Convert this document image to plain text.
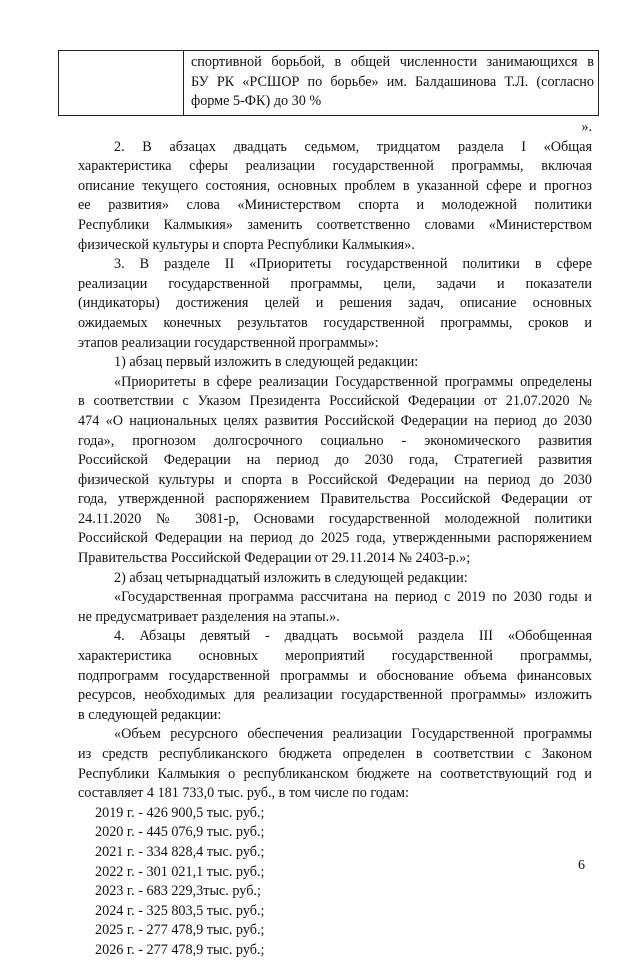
спортивной борьбой, в общей численности занимающихся в
БУ РК «РСШОР по борьбе» им. Балдашинова Т.Л. (согласно
форме 5-ФК) до 30 %
».
2. В абзацах двадцать седьмом, тридцатом раздела I «Общая
характеристика сферы реализации государственной программы, включая
описание текущего состояния, основных проблем в указанной сфере и прогноз
ее развития» слова «Министерством спорта и молодежной политики
Республики Калмыкия» заменить соответственно словами «Министерством
физической культуры и спорта Республики Калмыкия».
3. В разделе II «Приоритеты государственной политики в сфере
реализации государственной программы, цели, задачи и показатели
(индикаторы) достижения целей и решения задач, описание основных
ожидаемых конечных результатов государственной программы, сроков и
этапов реализации государственной программы»:
1) абзац первый изложить в следующей редакции:
«Приоритеты в сфере реализации Государственной программы определены
в соответствии с Указом Президента Российской Федерации от 21.07.2020 №
474 «О национальных целях развития Российской Федерации на период до 2030
года», прогнозом долгосрочного социально - экономического развития
Российской Федерации на период до 2030 года, Стратегией развития
физической культуры и спорта в Российской Федерации на период до 2030
года, утвержденной распоряжением Правительства Российской Федерации от
24.11.2020 № 3081-р, Основами государственной молодежной политики
Российской Федерации на период до 2025 года, утвержденными распоряжением
Правительства Российской Федерации от 29.11.2014 № 2403-р.»;
2) абзац четырнадцатый изложить в следующей редакции:
«Государственная программа рассчитана на период с 2019 по 2030 годы и
не предусматривает разделения на этапы.».
4. Абзацы девятый - двадцать восьмой раздела III «Обобщенная
характеристика основных мероприятий государственной программы,
подпрограмм государственной программы и обоснование объема финансовых
ресурсов, необходимых для реализации государственной программы» изложить
в следующей редакции:
«Объем ресурсного обеспечения реализации Государственной программы
из средств республиканского бюджета определен в соответствии с Законом
Республики Калмыкия о республиканском бюджете на соответствующий год и
составляет 4 181 733,0 тыс. руб., в том числе по годам:
2019 г. - 426 900,5 тыс. руб.;
2020 г. - 445 076,9 тыс. руб.;
2021 г. - 334 828,4 тыс. руб.;
2022 г. - 301 021,1 тыс. руб.;
2023 г. - 683 229,3тыс. руб.;
2024 г. - 325 803,5 тыс. руб.;
2025 г. - 277 478,9 тыс. руб.;
2026 г. - 277 478,9 тыс. руб.;
6
